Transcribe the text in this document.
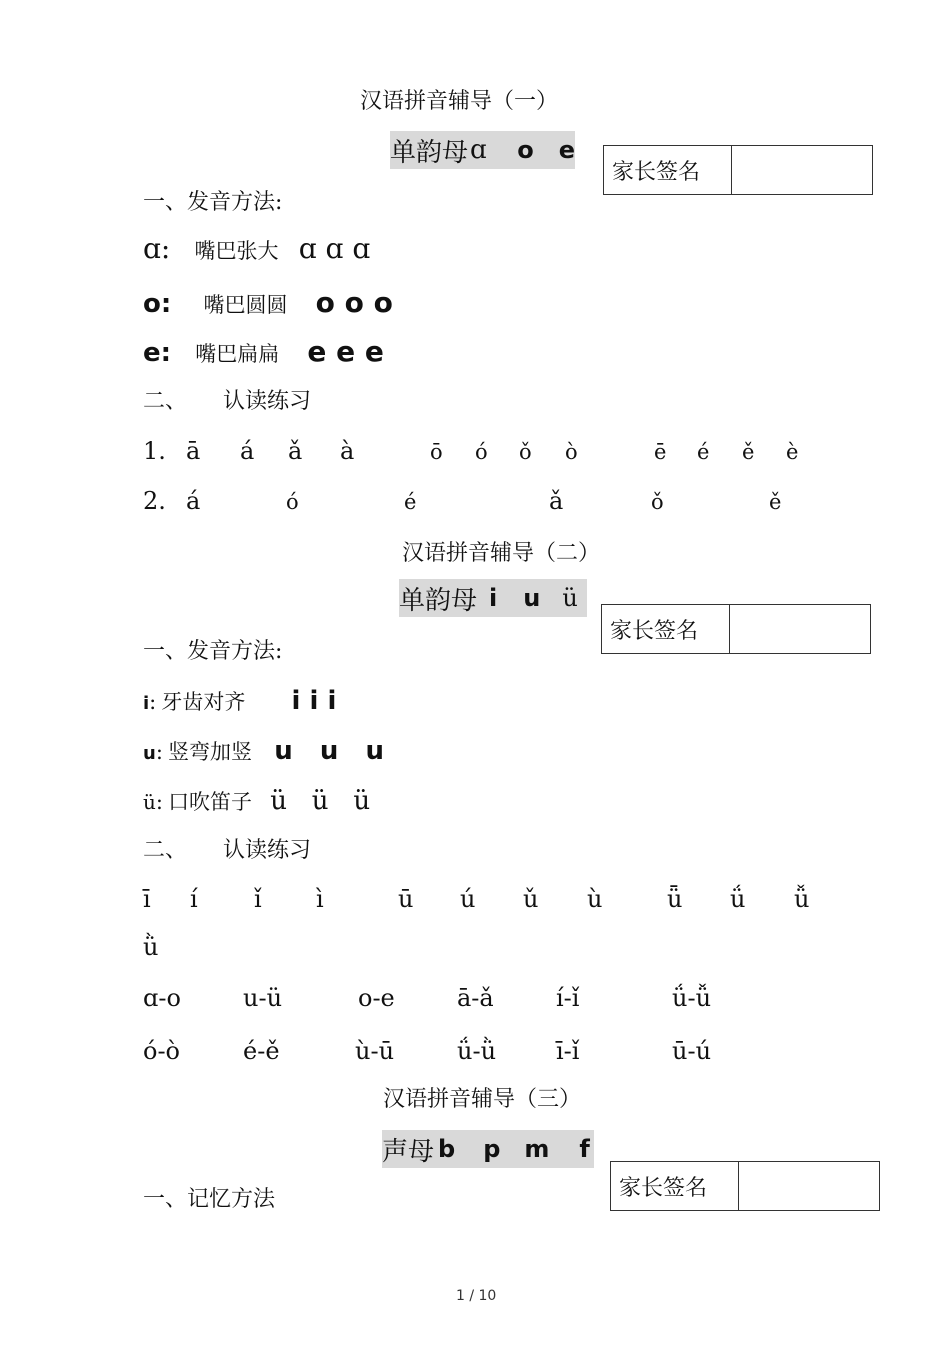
汉语拼音辅导（一）
单韵母 ɑ o e
家长签名
一、发音方法:
ɑ: 嘴巴张大 ɑ ɑ ɑ
o: 嘴巴圆圆 o o o
e: 嘴巴扁扁 e e e
二、 认读练习
1. ā á ǎ à	ō ó ǒ ò	ē é ě è
2. á	ó	é	ǎ	ǒ	ě
汉语拼音辅导（二）
单韵母 i u ü
家长签名
一、发音方法:
i: 牙齿对齐 i i i
u: 竖弯加竖 u   u   u
ü: 口吹笛子 ü   ü   ü
二、 认读练习
ī í ǐ ì	ū ú ǔ ù	ǖ ǘ ǚ
ǜ
ɑ-o	u-ü	o-e	ā-ǎ	í-ǐ	ǘ-ǚ
ó-ò	é-ě	ù-ū	ǘ-ǜ ī-ǐ	ū-ú
汉语拼音辅导（三）
声母 b p m f
家长签名
一、记忆方法
1 / 10
